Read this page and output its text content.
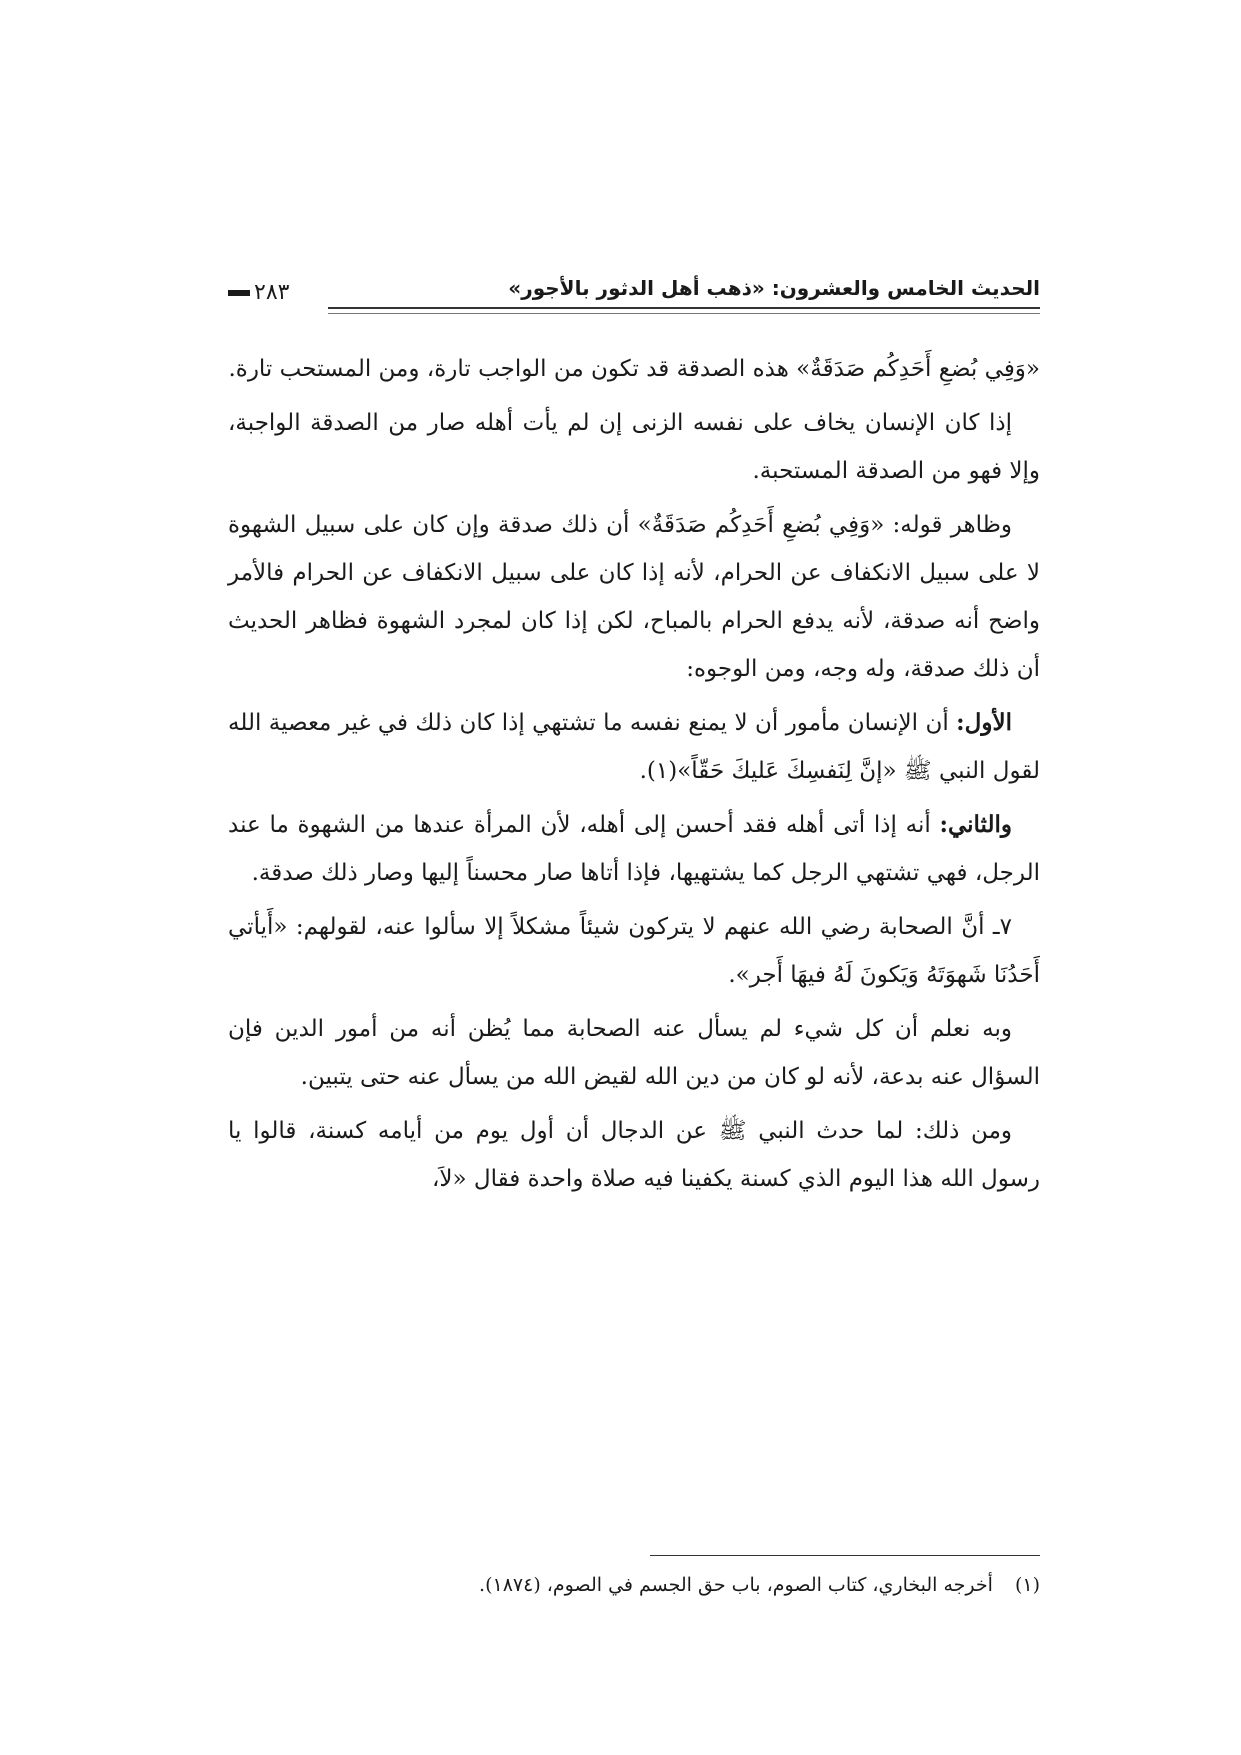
الحديث الخامس والعشرون: «ذهب أهل الدثور بالأجور»
٢٨٣

«وَفِي بُضعِ أَحَدِكُم صَدَقَةٌ» هذه الصدقة قد تكون من الواجب تارة، ومن المستحب تارة.

إذا كان الإنسان يخاف على نفسه الزنى إن لم يأت أهله صار من الصدقة الواجبة، وإلا فهو من الصدقة المستحبة.

وظاهر قوله: «وَفِي بُضعِ أَحَدِكُم صَدَقَةٌ» أن ذلك صدقة وإن كان على سبيل الشهوة لا على سبيل الانكفاف عن الحرام، لأنه إذا كان على سبيل الانكفاف عن الحرام فالأمر واضح أنه صدقة، لأنه يدفع الحرام بالمباح، لكن إذا كان لمجرد الشهوة فظاهر الحديث أن ذلك صدقة، وله وجه، ومن الوجوه:

الأول: أن الإنسان مأمور أن لا يمنع نفسه ما تشتهي إذا كان ذلك في غير معصية الله لقول النبي ﷺ «إنَّ لِنَفسِكَ عَليكَ حَقّاً»(١).

والثاني: أنه إذا أتى أهله فقد أحسن إلى أهله، لأن المرأة عندها من الشهوة ما عند الرجل، فهي تشتهي الرجل كما يشتهيها، فإذا أتاها صار محسناً إليها وصار ذلك صدقة.

٧ـ أنَّ الصحابة رضي الله عنهم لا يتركون شيئاً مشكلاً إلا سألوا عنه، لقولهم: «أَيأتي أَحَدُنَا شَهوَتَهُ وَيَكونَ لَهُ فيهَا أَجر».

وبه نعلم أن كل شيء لم يسأل عنه الصحابة مما يُظن أنه من أمور الدين فإن السؤال عنه بدعة، لأنه لو كان من دين الله لقيض الله من يسأل عنه حتى يتبين.

ومن ذلك: لما حدث النبي ﷺ عن الدجال أن أول يوم من أيامه كسنة، قالوا يا رسول الله هذا اليوم الذي كسنة يكفينا فيه صلاة واحدة فقال «لاَ،

(١)أخرجه البخاري، كتاب الصوم، باب حق الجسم في الصوم، (١٨٧٤).
